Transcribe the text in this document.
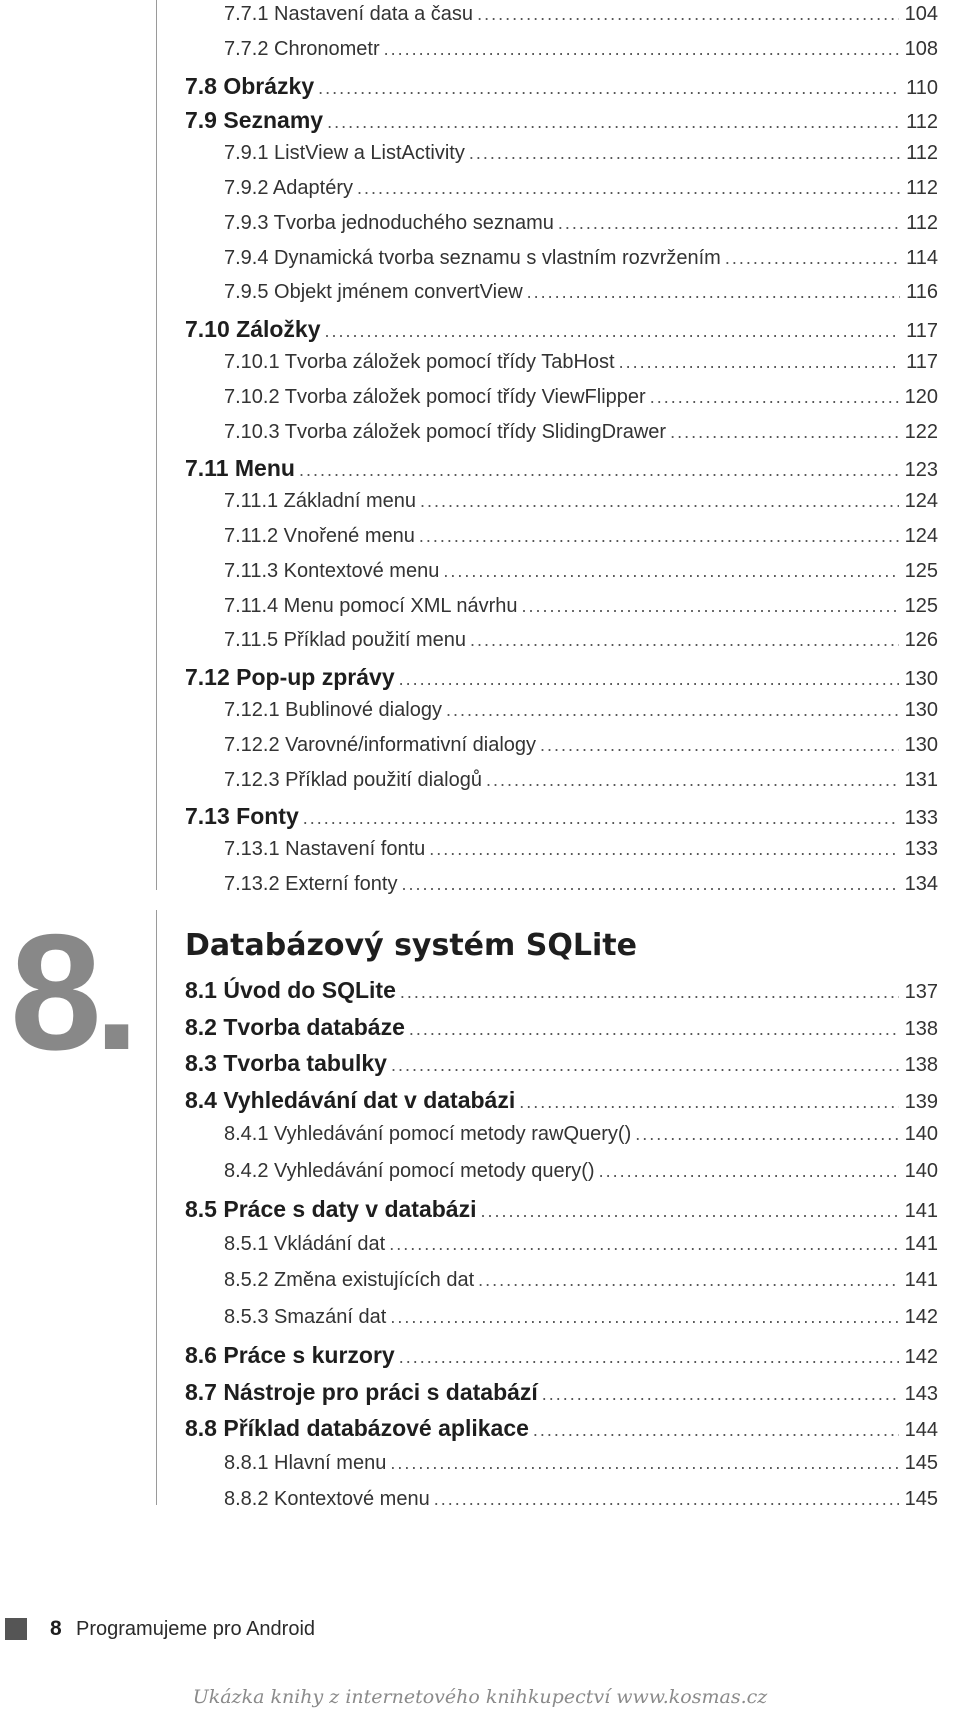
7.7.1 Nastavení data a času .....	104
7.7.2 Chronometr .....	108
7.8 Obrázky .....	110
7.9 Seznamy .....	112
7.9.1 ListView a ListActivity .....	112
7.9.2 Adaptéry .....	112
7.9.3 Tvorba jednoduchého seznamu .....	112
7.9.4 Dynamická tvorba seznamu s vlastním rozvržením .....	114
7.9.5 Objekt jménem convertView .....	116
7.10 Záložky .....	117
7.10.1 Tvorba záložek pomocí třídy TabHost .....	117
7.10.2 Tvorba záložek pomocí třídy ViewFlipper .....	120
7.10.3 Tvorba záložek pomocí třídy SlidingDrawer .....	122
7.11 Menu .....	123
7.11.1 Základní menu .....	124
7.11.2 Vnořené menu .....	124
7.11.3 Kontextové menu .....	125
7.11.4 Menu pomocí XML návrhu .....	125
7.11.5 Příklad použití menu .....	126
7.12 Pop-up zprávy .....	130
7.12.1 Bublinové dialogy .....	130
7.12.2 Varovné/informativní dialogy .....	130
7.12.3 Příklad použití dialogů .....	131
7.13 Fonty .....	133
7.13.1 Nastavení fontu .....	133
7.13.2 Externí fonty .....	134
8. Databázový systém SQLite
8.1 Úvod do SQLite .....	137
8.2 Tvorba databáze .....	138
8.3 Tvorba tabulky .....	138
8.4 Vyhledávání dat v databázi .....	139
8.4.1 Vyhledávání pomocí metody rawQuery() .....	140
8.4.2 Vyhledávání pomocí metody query() .....	140
8.5 Práce s daty v databázi .....	141
8.5.1 Vkládání dat .....	141
8.5.2 Změna existujících dat .....	141
8.5.3 Smazání dat .....	142
8.6 Práce s kurzory .....	142
8.7 Nástroje pro práci s databází .....	143
8.8 Příklad databázové aplikace .....	144
8.8.1 Hlavní menu .....	145
8.8.2 Kontextové menu .....	145
8 Programujeme pro Android
Ukázka knihy z internetového knihkupectví www.kosmas.cz
